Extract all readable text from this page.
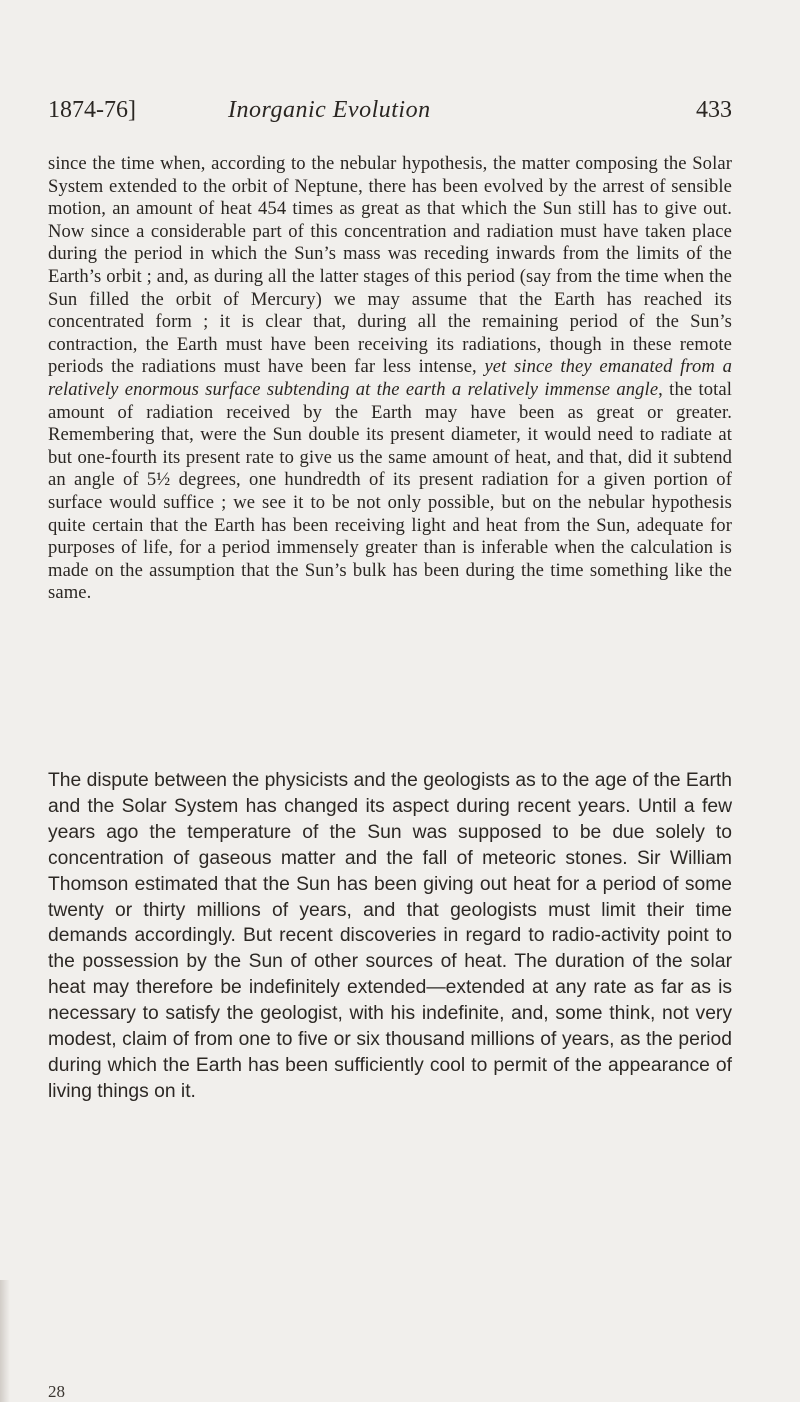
1874-76]	Inorganic Evolution	433

since the time when, according to the nebular hypothesis, the matter composing the Solar System extended to the orbit of Neptune, there has been evolved by the arrest of sensible motion, an amount of heat 454 times as great as that which the Sun still has to give out. Now since a considerable part of this concentration and radiation must have taken place during the period in which the Sun’s mass was receding inwards from the limits of the Earth’s orbit ; and, as during all the latter stages of this period (say from the time when the Sun filled the orbit of Mercury) we may assume that the Earth has reached its concentrated form ; it is clear that, during all the remaining period of the Sun’s contraction, the Earth must have been receiving its radiations, though in these remote periods the radiations must have been far less intense, yet since they emanated from a relatively enormous surface subtending at the earth a relatively immense angle, the total amount of radiation received by the Earth may have been as great or greater. Remembering that, were the Sun double its present diameter, it would need to radiate at but one-fourth its present rate to give us the same amount of heat, and that, did it subtend an angle of 5½ degrees, one hundredth of its present radiation for a given portion of surface would suffice ; we see it to be not only possible, but on the nebular hypothesis quite certain that the Earth has been receiving light and heat from the Sun, adequate for purposes of life, for a period immensely greater than is inferable when the calculation is made on the assumption that the Sun’s bulk has been during the time something like the same.

The dispute between the physicists and the geologists as to the age of the Earth and the Solar System has changed its aspect during recent years. Until a few years ago the temperature of the Sun was supposed to be due solely to concentration of gaseous matter and the fall of meteoric stones. Sir William Thomson estimated that the Sun has been giving out heat for a period of some twenty or thirty millions of years, and that geologists must limit their time demands accordingly. But recent discoveries in regard to radio-activity point to the possession by the Sun of other sources of heat. The duration of the solar heat may therefore be indefinitely extended—extended at any rate as far as is necessary to satisfy the geologist, with his indefinite, and, some think, not very modest, claim of from one to five or six thousand millions of years, as the period during which the Earth has been sufficiently cool to permit of the appearance of living things on it.

28
